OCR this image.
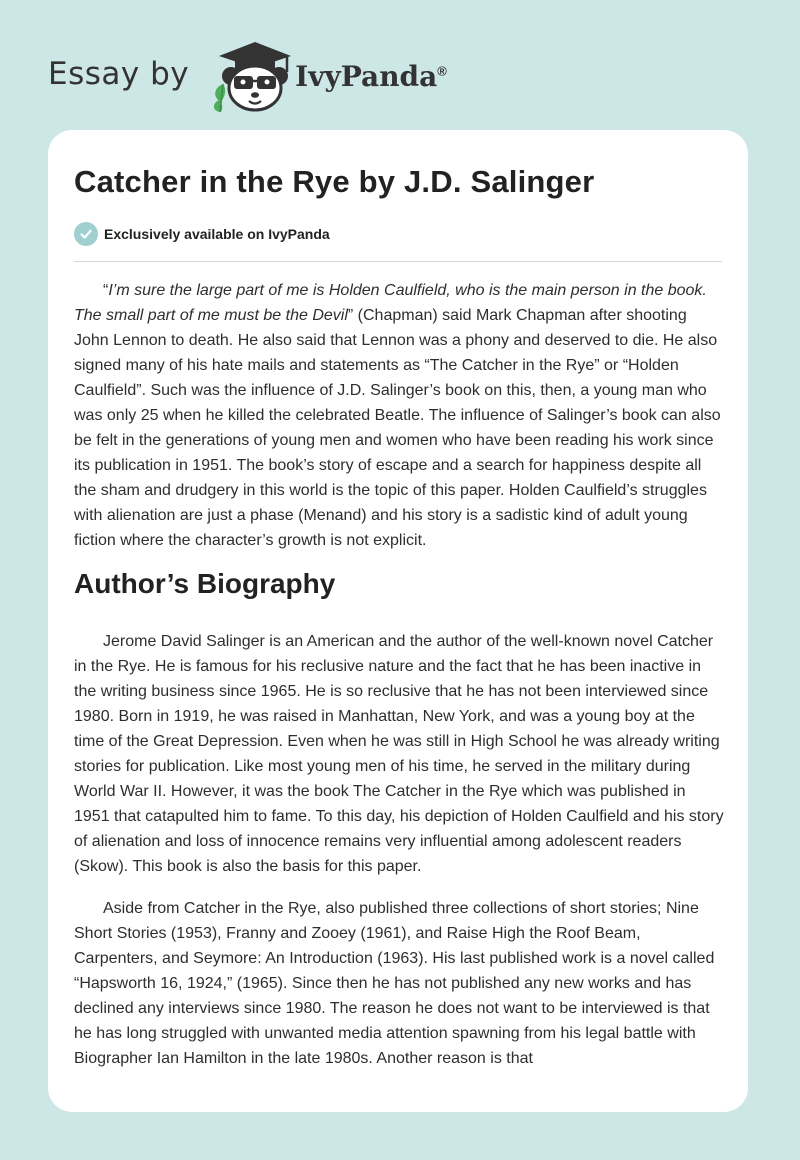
Essay by	IvyPanda®
Catcher in the Rye by J.D. Salinger
Exclusively available on IvyPanda

“I’m sure the large part of me is Holden Caulfield, who is the main person in the book. The small part of me must be the Devil” (Chapman) said Mark Chapman after shooting John Lennon to death. He also said that Lennon was a phony and deserved to die. He also signed many of his hate mails and statements as “The Catcher in the Rye” or “Holden Caulfield”. Such was the influence of J.D. Salinger’s book on this, then, a young man who was only 25 when he killed the celebrated Beatle. The influence of Salinger’s book can also be felt in the generations of young men and women who have been reading his work since its publication in 1951. The book’s story of escape and a search for happiness despite all the sham and drudgery in this world is the topic of this paper. Holden Caulfield’s struggles with alienation are just a phase (Menand) and his story is a sadistic kind of adult young fiction where the character’s growth is not explicit.

Author’s Biography

Jerome David Salinger is an American and the author of the well-known novel Catcher in the Rye. He is famous for his reclusive nature and the fact that he has been inactive in the writing business since 1965. He is so reclusive that he has not been interviewed since 1980. Born in 1919, he was raised in Manhattan, New York, and was a young boy at the time of the Great Depression. Even when he was still in High School he was already writing stories for publication. Like most young men of his time, he served in the military during World War II. However, it was the book The Catcher in the Rye which was published in 1951 that catapulted him to fame. To this day, his depiction of Holden Caulfield and his story of alienation and loss of innocence remains very influential among adolescent readers (Skow). This book is also the basis for this paper.

Aside from Catcher in the Rye, also published three collections of short stories; Nine Short Stories (1953), Franny and Zooey (1961), and Raise High the Roof Beam, Carpenters, and Seymore: An Introduction (1963). His last published work is a novel called “Hapsworth 16, 1924,” (1965). Since then he has not published any new works and has declined any interviews since 1980. The reason he does not want to be interviewed is that he has long struggled with unwanted media attention spawning from his legal battle with Biographer Ian Hamilton in the late 1980s. Another reason is that
